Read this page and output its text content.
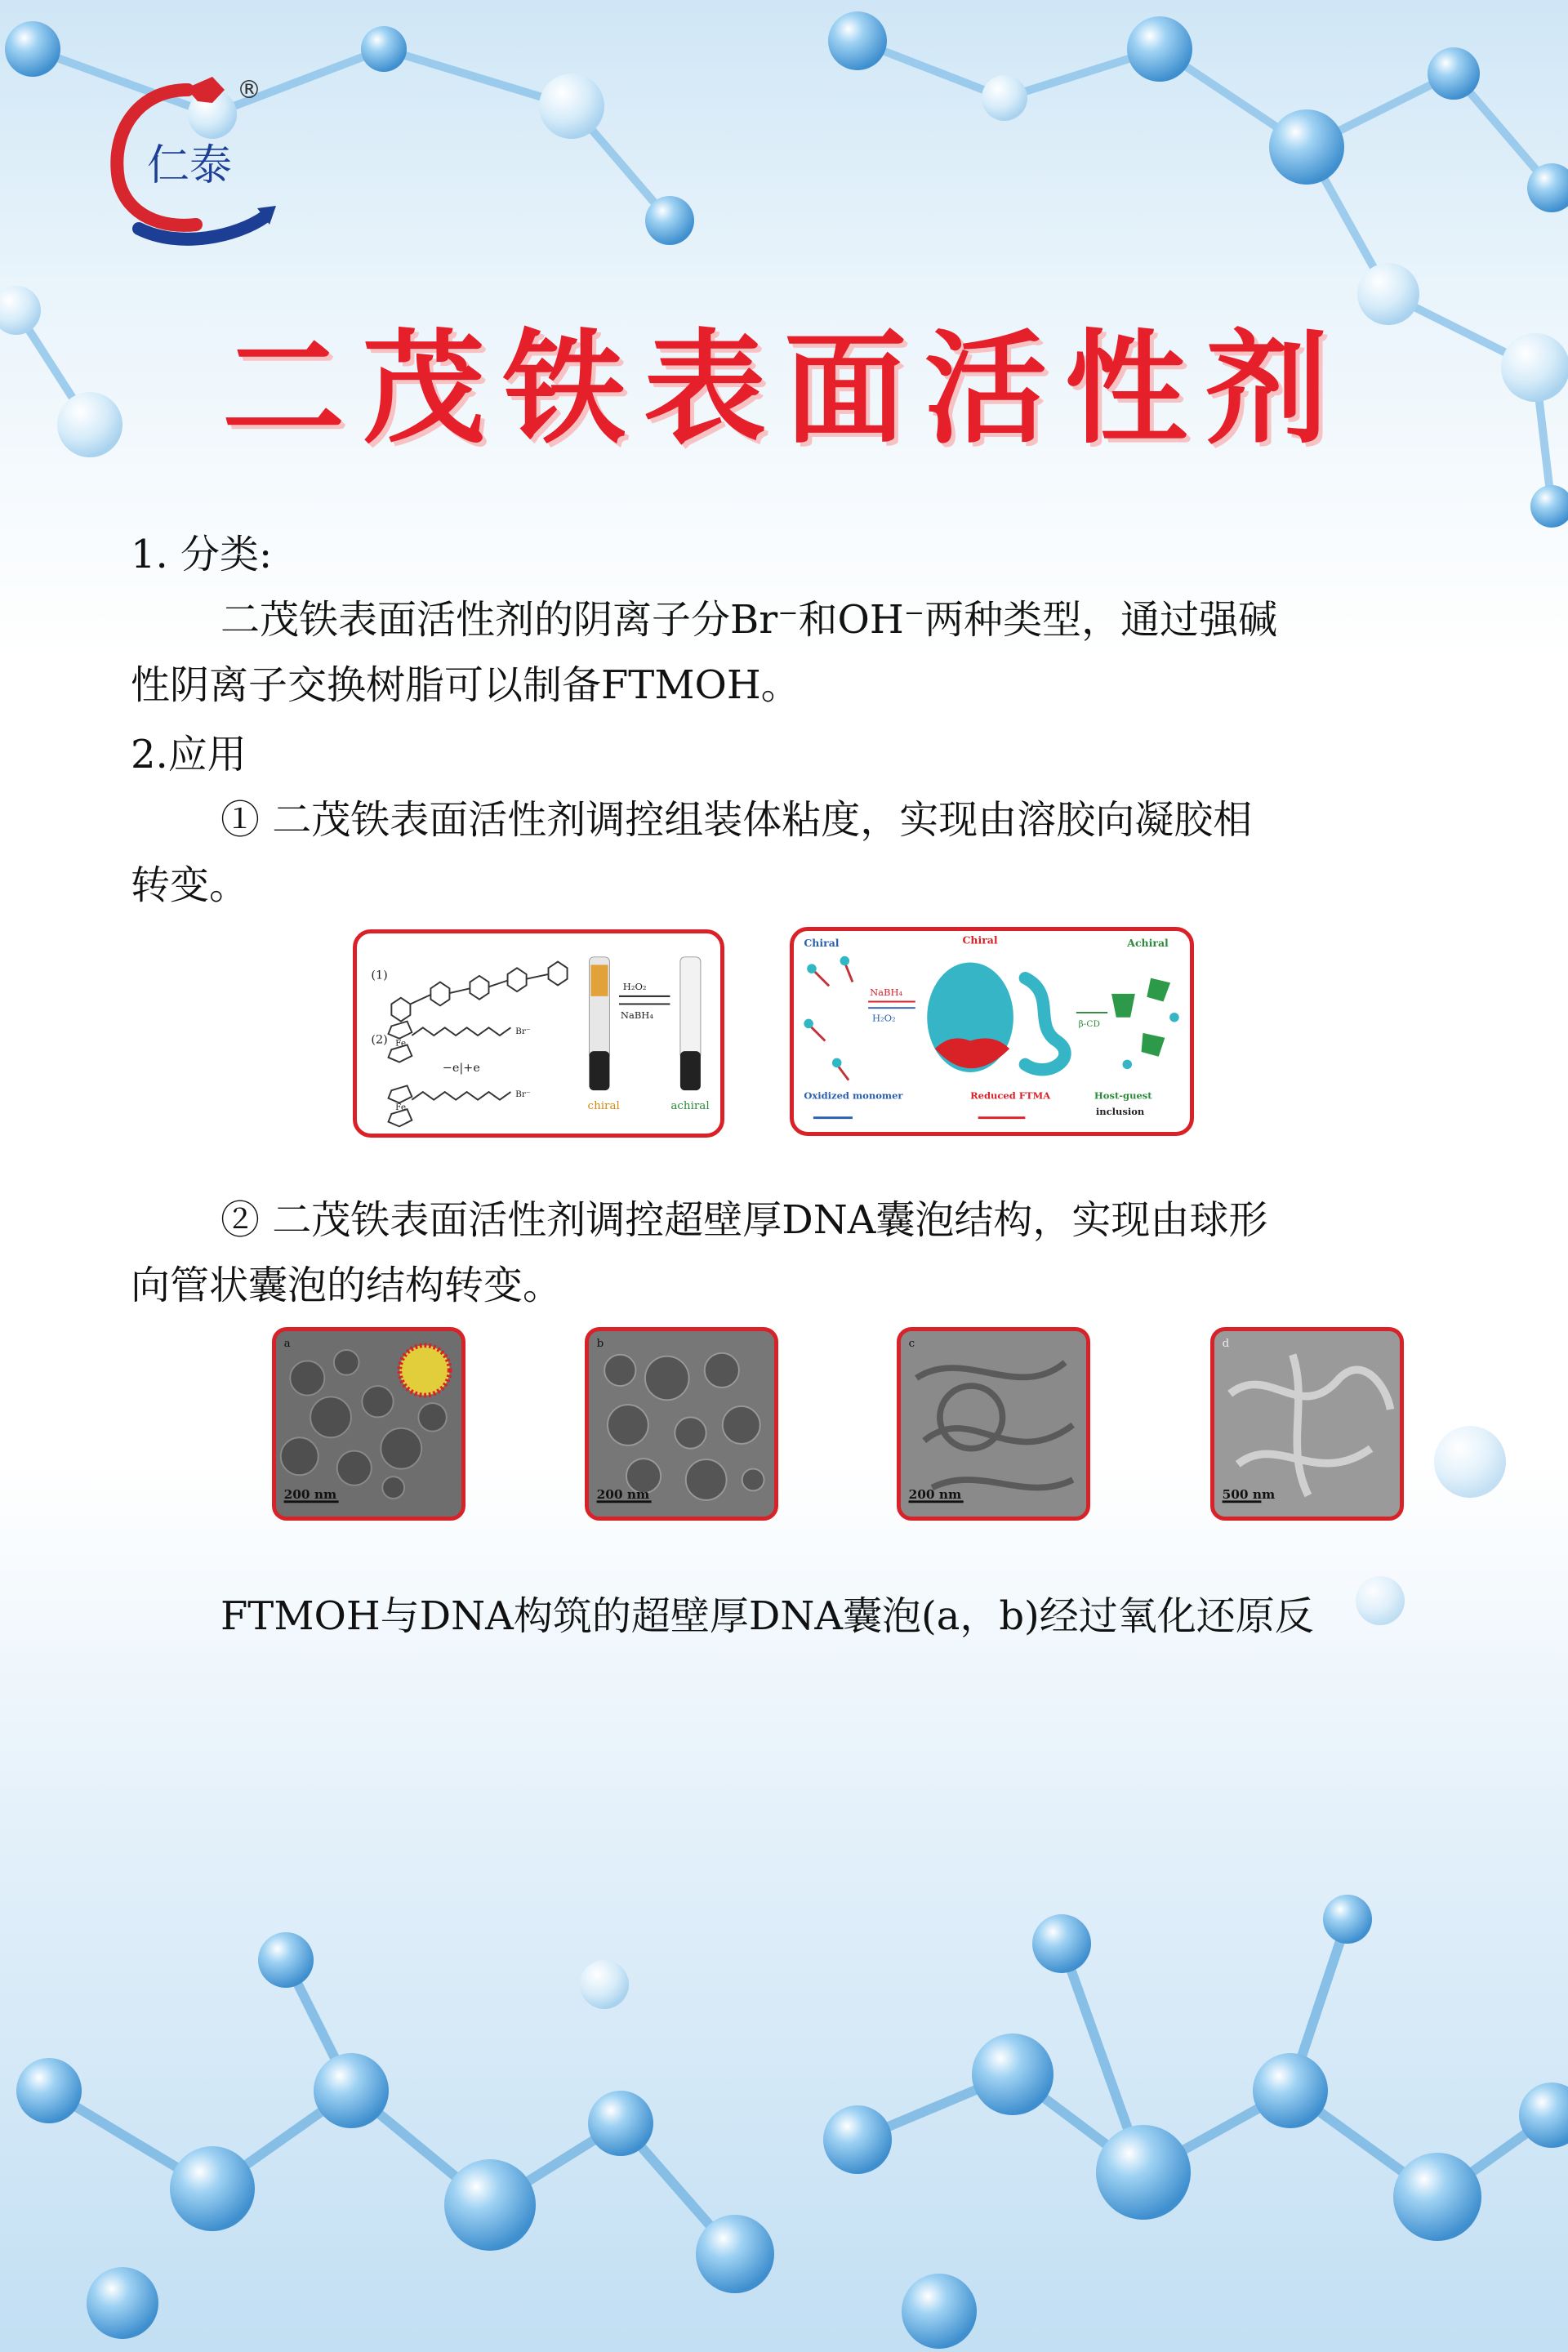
仁泰
®
二茂铁表面活性剂
1. 分类:
二茂铁表面活性剂的阴离子分Br⁻和OH⁻两种类型，通过强碱
性阴离子交换树脂可以制备FTMOH。
2.应用
① 二茂铁表面活性剂调控组装体粘度，实现由溶胶向凝胶相
转变。
(1)
(2) Fe
Fe
Br⁻
Br⁻
−e|+e
H₂O₂
NaBH₄
chiral	achiral
Chiral	Chiral	Achiral
NaBH₄
H₂O₂
β-CD
Oxidized monomer	Reduced FTMA	Host-guest
inclusion
② 二茂铁表面活性剂调控超壁厚DNA囊泡结构，实现由球形
向管状囊泡的结构转变。
a
200 nm
b
200 nm
c
200 nm
d
500 nm
FTMOH与DNA构筑的超壁厚DNA囊泡(a，b)经过氧化还原反
